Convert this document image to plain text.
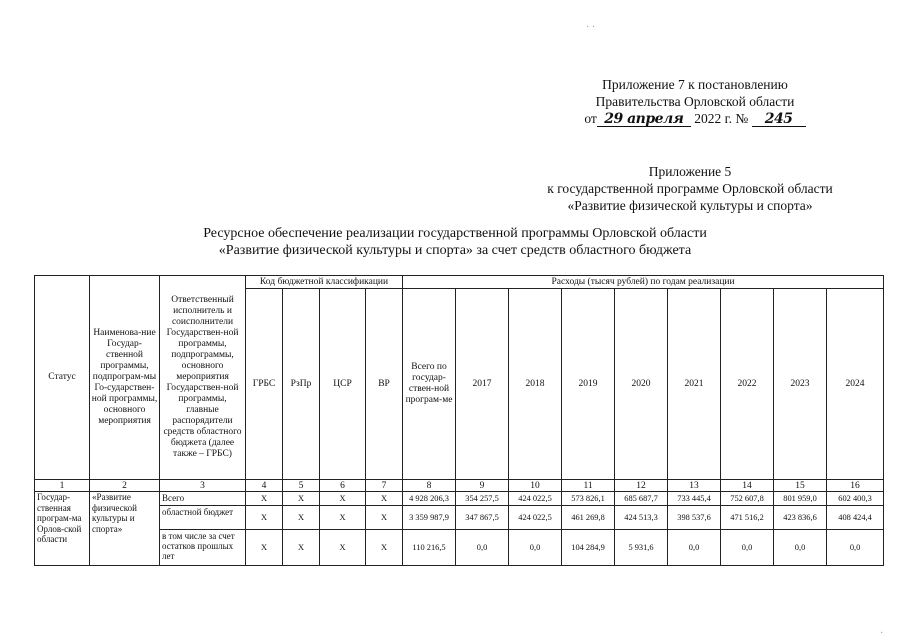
· ·
Приложение 7 к постановлению
Правительства Орловской области
от 29 апреля 2022 г. № 245
Приложение 5
к государственной программе Орловской области
«Развитие физической культуры и спорта»
Ресурсное обеспечение реализации государственной программы Орловской области
«Развитие физической культуры и спорта» за счет средств областного бюджета
Статус	Наименова-ние Государ-ственной программы, подпрограм-мы Го-сударствен-ной программы, основного мероприятия	Ответственный исполнитель и соисполнители Государствен-ной программы, подпрограммы, основного мероприятия Государствен-ной программы, главные распорядители средств областного бюджета (далее также – ГРБС)	Код бюджетной классификации				Расходы (тысяч рублей) по годам реализации								
			ГРБС	РзПр	ЦСР	ВР	Всего по государ-ствен-ной програм-ме	2017	2018	2019	2020	2021	2022	2023	2024
1	2	3	4	5	6	7	8	9	10	11	12	13	14	15	16
Государ-ственная програм-ма Орлов-ской области	«Развитие физической культуры и спорта»	Всего	X	X	X	X	4 928 206,3	354 257,5	424 022,5	573 826,1	685 687,7	733 445,4	752 607,8	801 959,0	602 400,3
		областной бюджет	X	X	X	X	3 359 987,9	347 867,5	424 022,5	461 269,8	424 513,3	398 537,6	471 516,2	423 836,6	408 424,4
		в том числе за счет остатков прошлых лет	X	X	X	X	110 216,5	0,0	0,0	104 284,9	5 931,6	0,0	0,0	0,0	0,0
·
